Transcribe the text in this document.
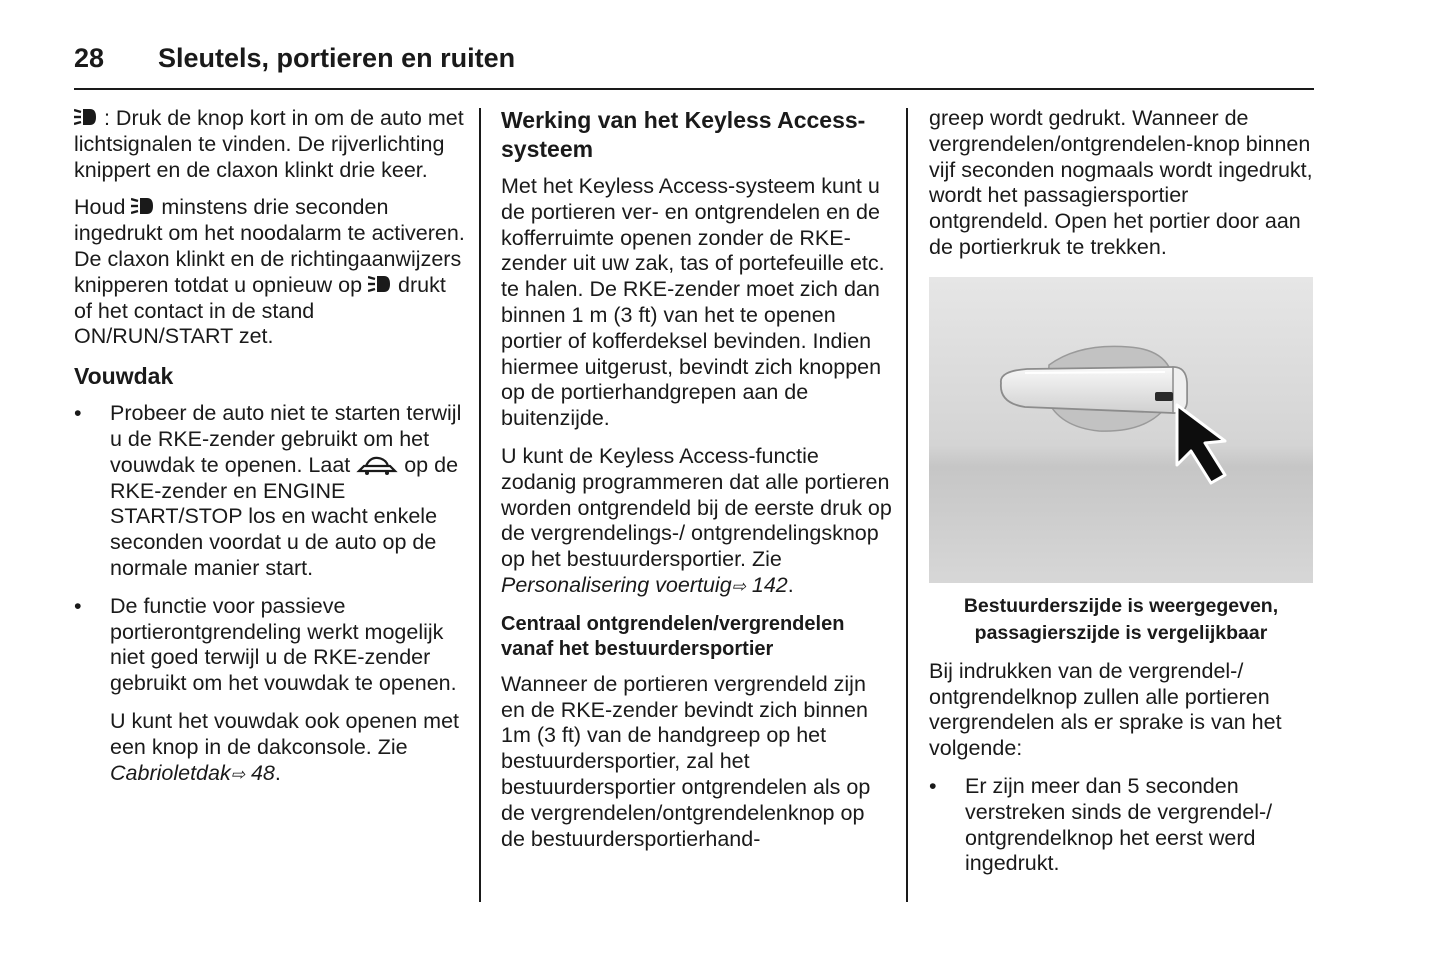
28 Sleutels, portieren en ruiten

: Druk de knop kort in om de auto met lichtsignalen te vinden. De rijverlichting knippert en de claxon klinkt drie keer.

Houd  minstens drie seconden ingedrukt om het noodalarm te activeren. De claxon klinkt en de richtingaanwijzers knipperen totdat u opnieuw op  drukt of het contact in de stand ON/RUN/START zet.

Vouwdak
• Probeer de auto niet te starten terwijl u de RKE-zender gebruikt om het vouwdak te openen. Laat  op de RKE-zender en ENGINE START/STOP los en wacht enkele seconden voordat u de auto op de normale manier start.
• De functie voor passieve portierontgrendeling werkt mogelijk niet goed terwijl u de RKE-zender gebruikt om het vouwdak te openen.

U kunt het vouwdak ook openen met een knop in de dakconsole. Zie Cabrioletdak⇨ 48.

Werking van het Keyless Access-systeem

Met het Keyless Access-systeem kunt u de portieren ver- en ontgrendelen en de kofferruimte openen zonder de RKE-zender uit uw zak, tas of portefeuille etc. te halen. De RKE-zender moet zich dan binnen 1 m (3 ft) van het te openen portier of kofferdeksel bevinden. Indien hiermee uitgerust, bevindt zich knoppen op de portierhandgrepen aan de buitenzijde.

U kunt de Keyless Access-functie zodanig programmeren dat alle portieren worden ontgrendeld bij de eerste druk op de vergrendelings-/ ontgrendelingsknop op het bestuurdersportier. Zie Personalisering voertuig⇨ 142.

Centraal ontgrendelen/vergrendelen vanaf het bestuurdersportier

Wanneer de portieren vergrendeld zijn en de RKE-zender bevindt zich binnen 1m (3 ft) van de handgreep op het bestuurdersportier, zal het bestuurdersportier ontgrendelen als op de vergrendelen/ontgrendelenknop op de bestuurdersportierhand-

greep wordt gedrukt. Wanneer de vergrendelen/ontgrendelen-knop binnen vijf seconden nogmaals wordt ingedrukt, wordt het passagiersportier ontgrendeld. Open het portier door aan de portierkruk te trekken.

Bestuurderszijde is weergegeven,
passagierszijde is vergelijkbaar

Bij indrukken van de vergrendel-/ ontgrendelknop zullen alle portieren vergrendelen als er sprake is van het volgende:

• Er zijn meer dan 5 seconden verstreken sinds de vergrendel-/ ontgrendelknop het eerst werd ingedrukt.
